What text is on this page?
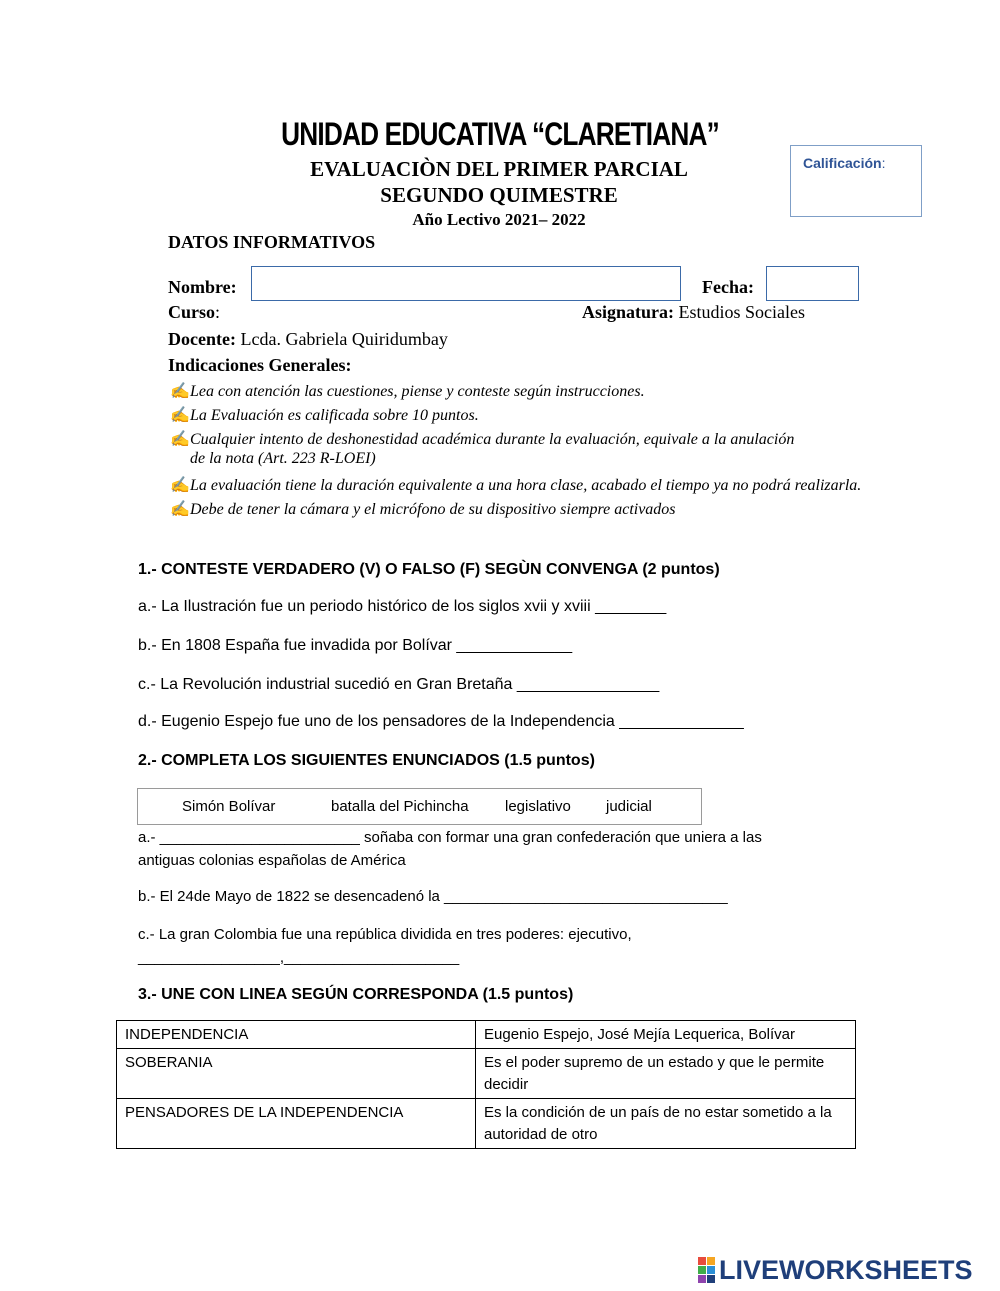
UNIDAD EDUCATIVA “CLARETIANA”
EVALUACIÒN DEL PRIMER PARCIAL
SEGUNDO QUIMESTRE
Año Lectivo 2021– 2022
Calificación:
DATOS INFORMATIVOS
Nombre:	Fecha:
Curso:	Asignatura: Estudios Sociales
Docente: Lcda. Gabriela Quiridumbay
Indicaciones Generales:
✍Lea con atención las cuestiones, piense y conteste según instrucciones.
✍La Evaluación es calificada sobre 10 puntos.
✍Cualquier intento de deshonestidad académica durante la evaluación, equivale a la anulación
de la nota (Art. 223 R-LOEI)
✍La evaluación tiene la duración equivalente a una hora clase, acabado el tiempo ya no podrá realizarla.
✍Debe de tener la cámara y el micrófono de su dispositivo siempre activados
1.- CONTESTE VERDADERO (V) O FALSO (F) SEGÙN CONVENGA (2 puntos)
a.- La Ilustración fue un periodo histórico de los siglos xvii y xviii ________
b.- En 1808 España fue invadida por Bolívar _____________
c.- La Revolución industrial sucedió en Gran Bretaña ________________
d.- Eugenio Espejo fue uno de los pensadores de la Independencia ______________
2.- COMPLETA LOS SIGUIENTES ENUNCIADOS (1.5 puntos)
Simón Bolívar	batalla del Pichincha legislativo judicial
a.- ________________________ soñaba con formar una gran confederación que uniera a las
antiguas colonias españolas de América
b.- El 24de Mayo de 1822 se desencadenó la __________________________________
c.- La gran Colombia fue una república dividida en tres poderes: ejecutivo,
_________________,_____________________
3.- UNE CON LINEA SEGÚN CORRESPONDA (1.5 puntos)
INDEPENDENCIA	Eugenio Espejo, José Mejía Lequerica, Bolívar
SOBERANIA	Es el poder supremo de un estado y que le permite decidir
PENSADORES DE LA INDEPENDENCIA	Es la condición de un país de no estar sometido a la autoridad de otro
LIVEWORKSHEETS
